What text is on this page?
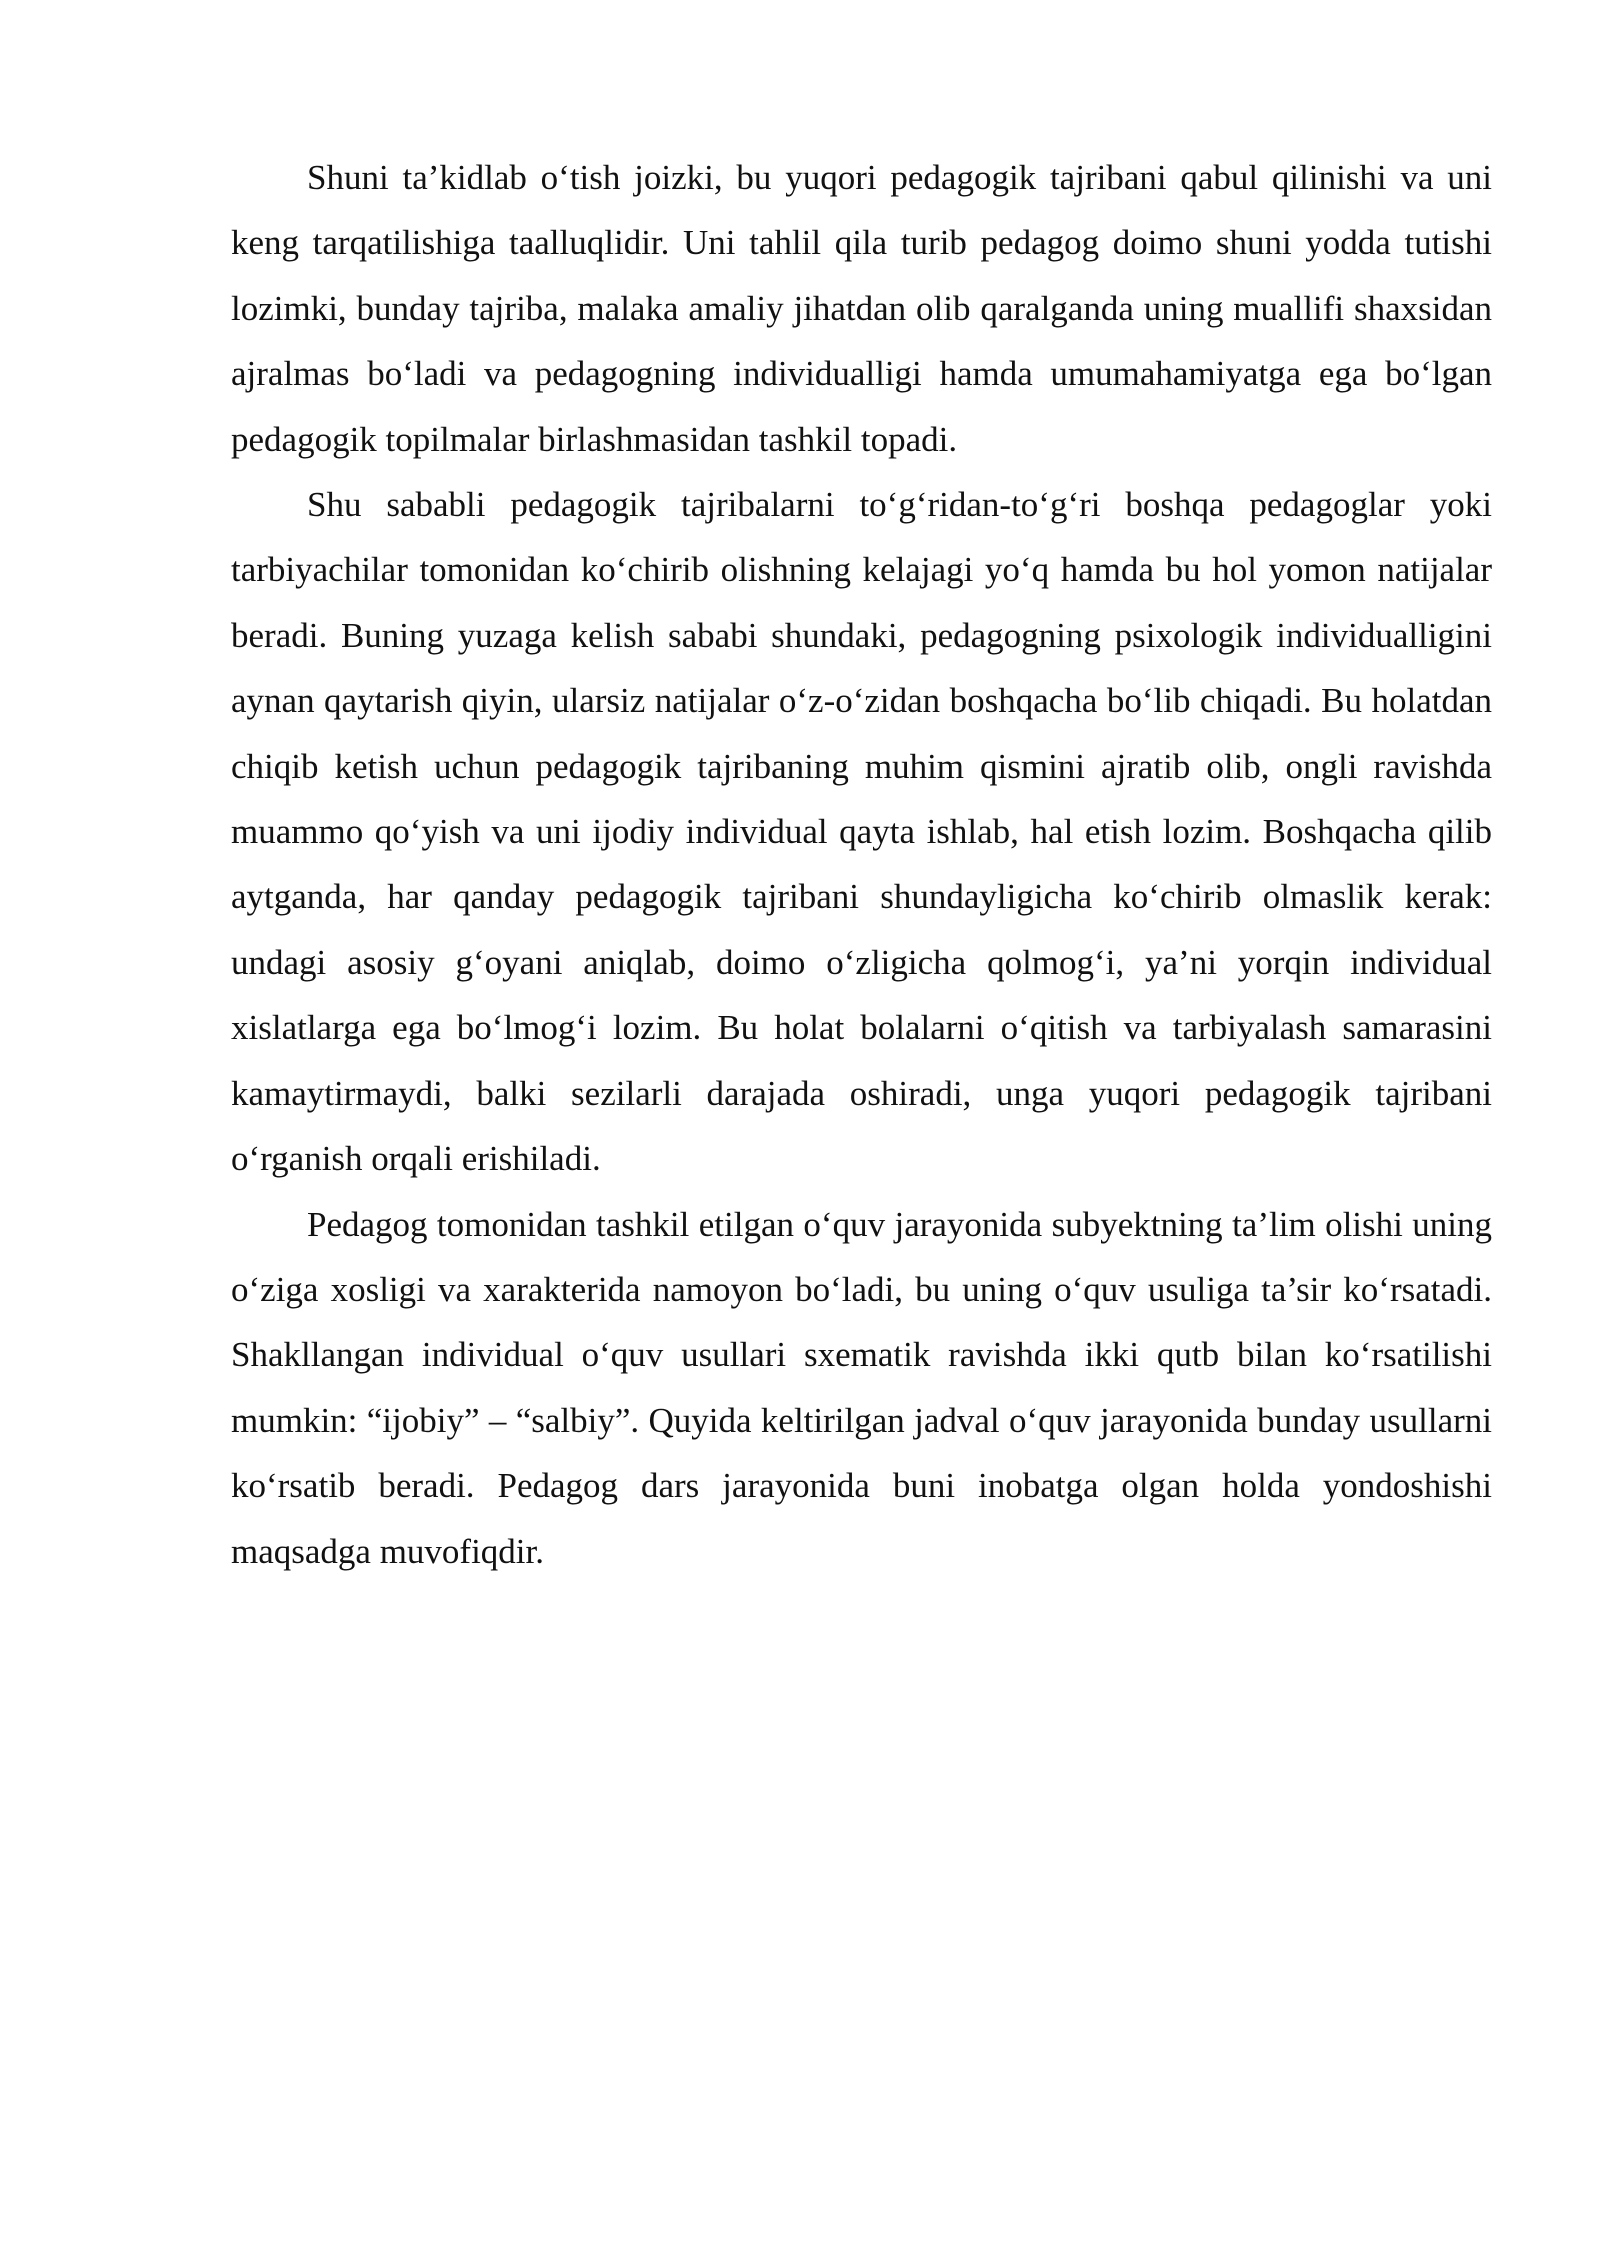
Shuni ta’kidlab o‘tish joizki, bu yuqori pedagogik tajribani qabul qilinishi va uni keng tarqatilishiga taalluqlidir. Uni tahlil qila turib pedagog doimo shuni yodda tutishi lozimki, bunday tajriba, malaka amaliy jihatdan olib qaralganda uning muallifi shaxsidan ajralmas bo‘ladi va pedagogning individualligi hamda umumahamiyatga ega bo‘lgan pedagogik topilmalar birlashmasidan tashkil topadi.

Shu sababli pedagogik tajribalarni to‘g‘ridan-to‘g‘ri boshqa pedagoglar yoki tarbiyachilar tomonidan ko‘chirib olishning kelajagi yo‘q hamda bu hol yomon natijalar beradi. Buning yuzaga kelish sababi shundaki, pedagogning psixologik individualligini aynan qaytarish qiyin, ularsiz natijalar o‘z-o‘zidan boshqacha bo‘lib chiqadi. Bu holatdan chiqib ketish uchun pedagogik tajribaning muhim qismini ajratib olib, ongli ravishda muammo qo‘yish va uni ijodiy individual qayta ishlab, hal etish lozim. Boshqacha qilib aytganda, har qanday pedagogik tajribani shundayligicha ko‘chirib olmaslik kerak: undagi asosiy g‘oyani aniqlab, doimo o‘zligicha qolmog‘i, ya’ni yorqin individual xislatlarga ega bo‘lmog‘i lozim. Bu holat bolalarni o‘qitish va tarbiyalash samarasini kamaytirmaydi, balki sezilarli darajada oshiradi, unga yuqori pedagogik tajribani o‘rganish orqali erishiladi.

Pedagog tomonidan tashkil etilgan o‘quv jarayonida subyektning ta’lim olishi uning o‘ziga xosligi va xarakterida namoyon bo‘ladi, bu uning o‘quv usuliga ta’sir ko‘rsatadi. Shakllangan individual o‘quv usullari sxematik ravishda ikki qutb bilan ko‘rsatilishi mumkin: “ijobiy” – “salbiy”. Quyida keltirilgan jadval o‘quv jarayonida bunday usullarni ko‘rsatib beradi. Pedagog dars jarayonida buni inobatga olgan holda yondoshishi maqsadga muvofiqdir.
